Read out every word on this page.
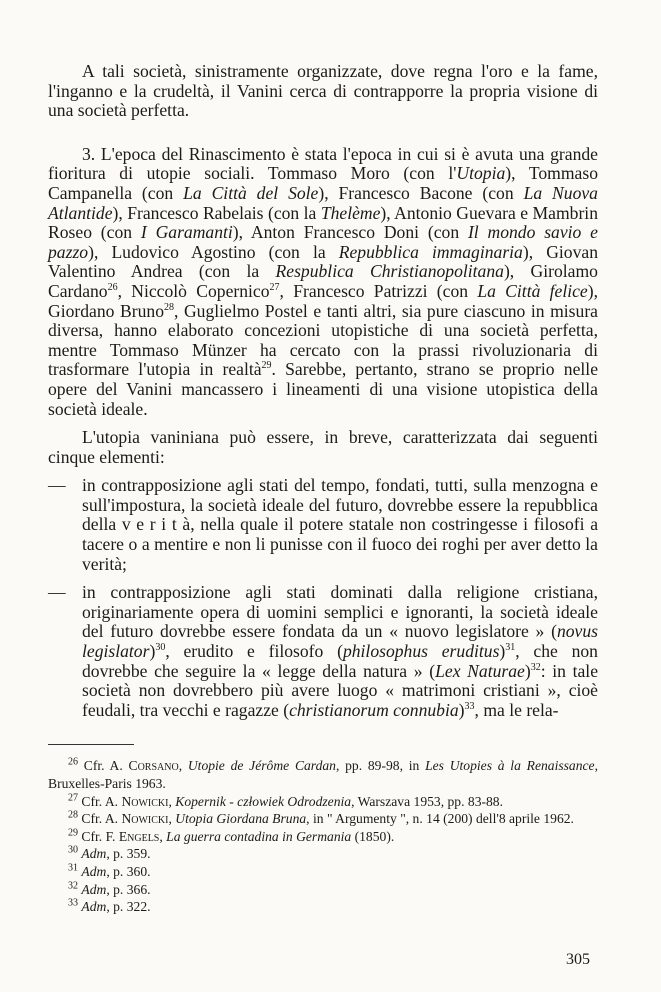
A tali società, sinistramente organizzate, dove regna l'oro e la fame, l'inganno e la crudeltà, il Vanini cerca di contrapporre la propria visione di una società perfetta.

3. L'epoca del Rinascimento è stata l'epoca in cui si è avuta una grande fioritura di utopie sociali. Tommaso Moro (con l'Utopia), Tommaso Campanella (con La Città del Sole), Francesco Bacone (con La Nuova Atlantide), Francesco Rabelais (con la Thelème), Antonio Guevara e Mambrin Roseo (con I Garamanti), Anton Francesco Doni (con Il mondo savio e pazzo), Ludovico Agostino (con la Repubblica immaginaria), Giovan Valentino Andrea (con la Respublica Christianopolitana), Girolamo Cardano$^{26}$, Niccolò Copernico$^{27}$, Francesco Patrizzi (con La Città felice), Giordano Bruno$^{28}$, Guglielmo Postel e tanti altri, sia pure ciascuno in misura diversa, hanno elaborato concezioni utopistiche di una società perfetta, mentre Tommaso Münzer ha cercato con la prassi rivoluzionaria di trasformare l'utopia in realtà$^{29}$. Sarebbe, pertanto, strano se proprio nelle opere del Vanini mancassero i lineamenti di una visione utopistica della società ideale.

L'utopia vaniniana può essere, in breve, caratterizzata dai seguenti cinque elementi:

— in contrapposizione agli stati del tempo, fondati, tutti, sulla menzogna e sull'impostura, la società ideale del futuro, dovrebbe essere la repubblica della v e r i t à, nella quale il potere statale non costringesse i filosofi a tacere o a mentire e non li punisse con il fuoco dei roghi per aver detto la verità;
— in contrapposizione agli stati dominati dalla religione cristiana, originariamente opera di uomini semplici e ignoranti, la società ideale del futuro dovrebbe essere fondata da un « nuovo legislatore » (novus legislator)$^{30}$, erudito e filosofo (philosophus eruditus)$^{31}$, che non dovrebbe che seguire la « legge della natura » (Lex Naturae)$^{32}$: in tale società non dovrebbero più avere luogo « matrimoni cristiani », cioè feudali, tra vecchi e ragazze (christianorum connubia)$^{33}$, ma le rela-
$^{26}$ Cfr. A. Corsano, Utopie de Jérôme Cardan, pp. 89-98, in Les Utopies à la Renaissance, Bruxelles-Paris 1963.
$^{27}$ Cfr. A. Nowicki, Kopernik - człowiek Odrodzenia, Warszava 1953, pp. 83-88.
$^{28}$ Cfr. A. Nowicki, Utopia Giordana Bruna, in " Argumenty ", n. 14 (200) dell'8 aprile 1962.
$^{29}$ Cfr. F. Engels, La guerra contadina in Germania (1850).
$^{30}$ Adm, p. 359.
$^{31}$ Adm, p. 360.
$^{32}$ Adm, p. 366.
$^{33}$ Adm, p. 322.
305
